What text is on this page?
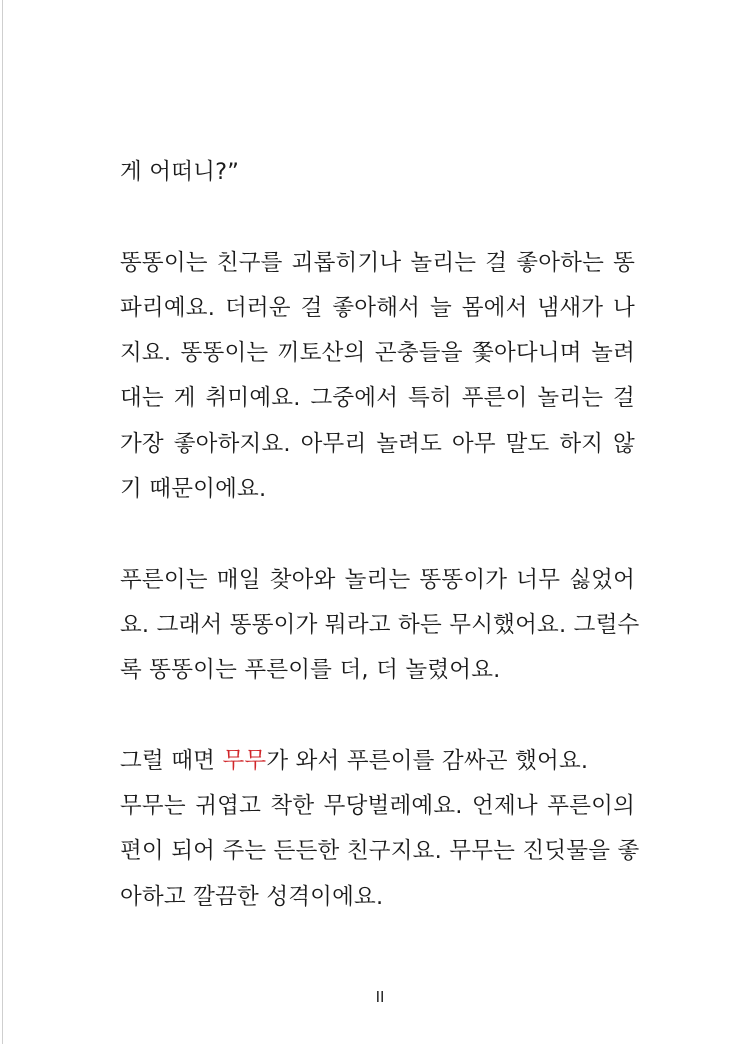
게 어떠니?”
똥똥이는 친구를 괴롭히기나 놀리는 걸 좋아하는 똥
파리예요. 더러운 걸 좋아해서 늘 몸에서 냄새가 나
지요. 똥똥이는 끼토산의 곤충들을 쫓아다니며 놀려
대는 게 취미예요. 그중에서 특히 푸른이 놀리는 걸
가장 좋아하지요. 아무리 놀려도 아무 말도 하지 않
기 때문이에요.
푸른이는 매일 찾아와 놀리는 똥똥이가 너무 싫었어
요. 그래서 똥똥이가 뭐라고 하든 무시했어요. 그럴수
록 똥똥이는 푸른이를 더, 더 놀렸어요.
그럴 때면 무무가 와서 푸른이를 감싸곤 했어요.
무무는 귀엽고 착한 무당벌레예요. 언제나 푸른이의
편이 되어 주는 든든한 친구지요. 무무는 진딧물을 좋
아하고 깔끔한 성격이에요.
II
